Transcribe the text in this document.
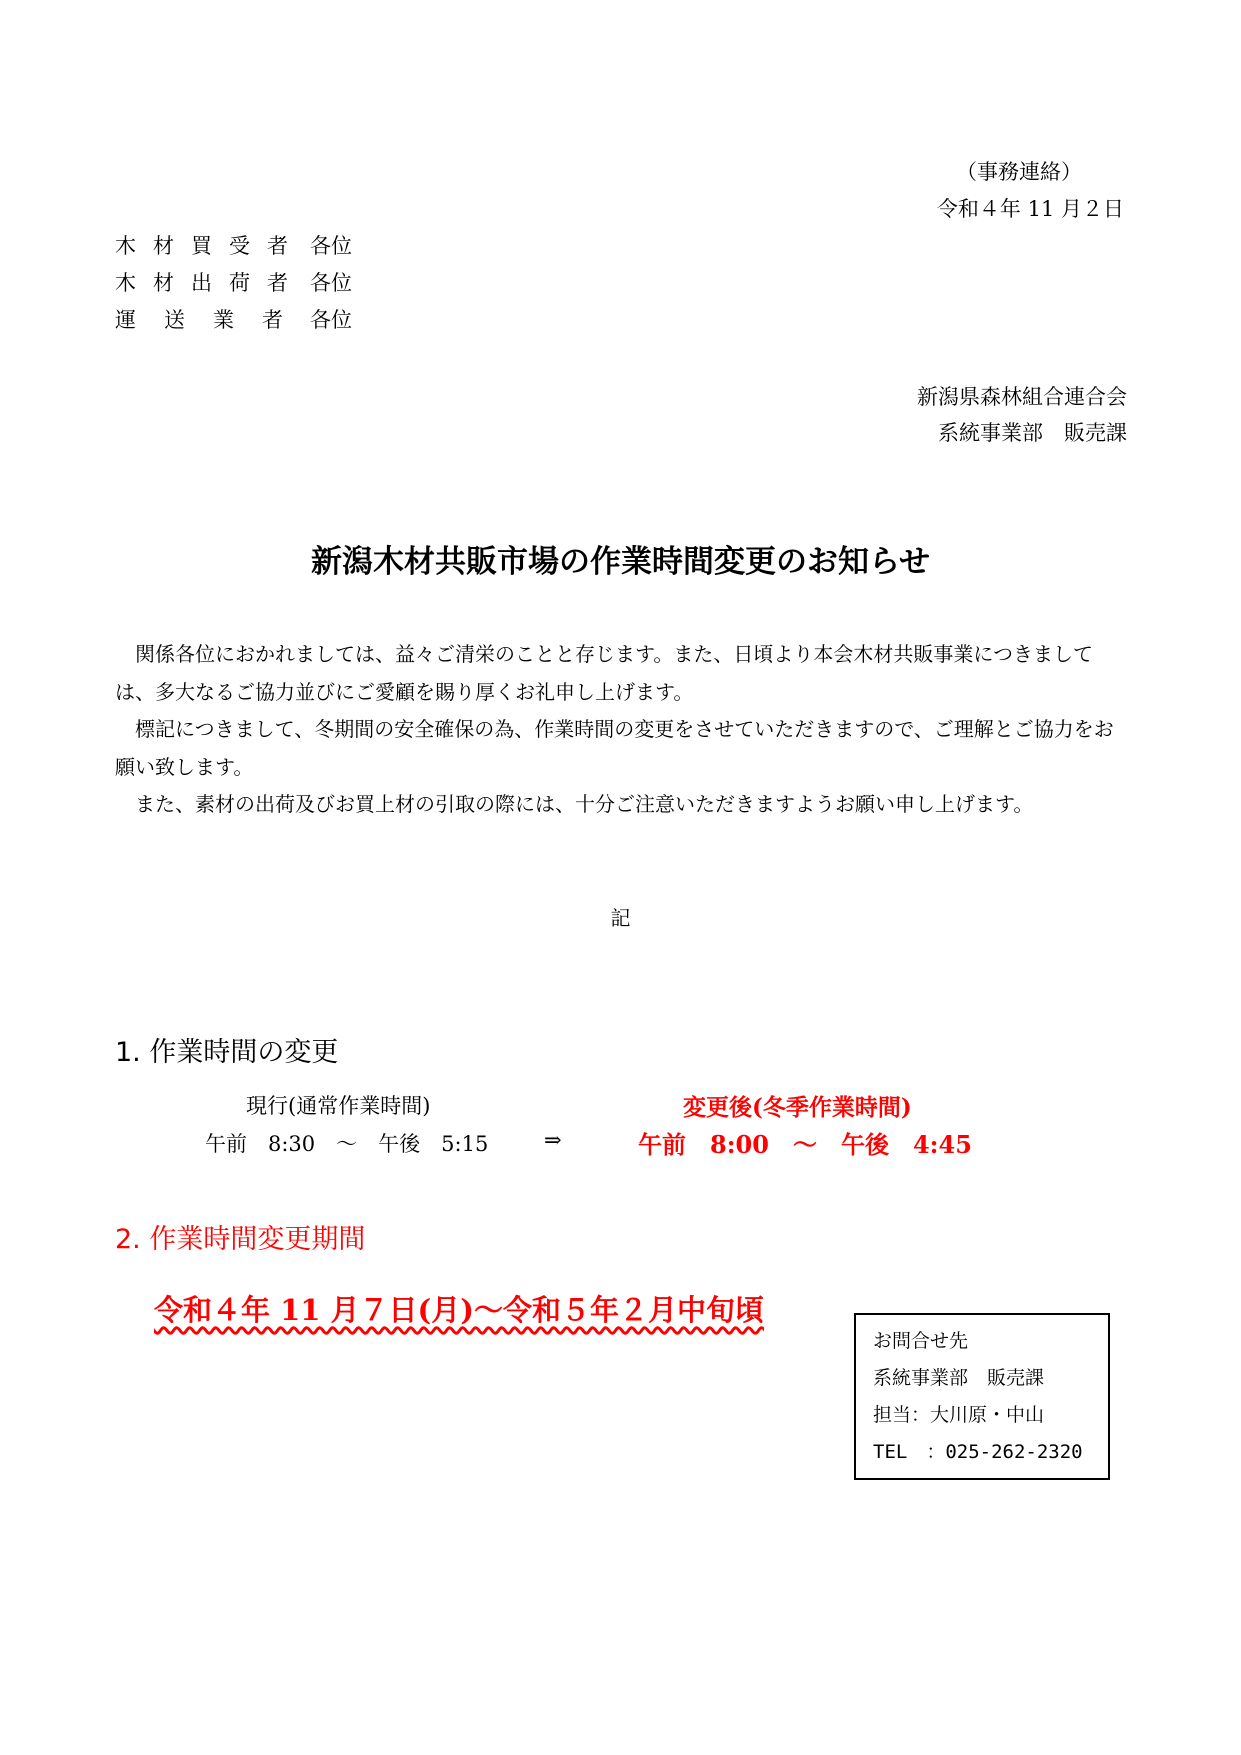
（事務連絡）
令和４年 11 月２日
木材買受者 各位
木材出荷者 各位
運送業者 各位
新潟県森林組合連合会
系統事業部　販売課
新潟木材共販市場の作業時間変更のお知らせ

関係各位におかれましては、益々ご清栄のことと存じます。また、日頃より本会木材共販事業につきましては、多大なるご協力並びにご愛顧を賜り厚くお礼申し上げます。

標記につきまして、冬期間の安全確保の為、作業時間の変更をさせていただきますので、ご理解とご協力をお願い致します。

また、素材の出荷及びお買上材の引取の際には、十分ご注意いただきますようお願い申し上げます。

記
1. 作業時間の変更
現行(通常作業時間)
午前　8:30　～　午後　5:15	⇒
変更後(冬季作業時間)
午前　8:00　～　午後　4:45
2. 作業時間変更期間
令和４年 11 月７日(月)～令和５年２月中旬頃
お問合せ先
系統事業部　販売課
担当：大川原・中山
TEL　：025-262-2320
